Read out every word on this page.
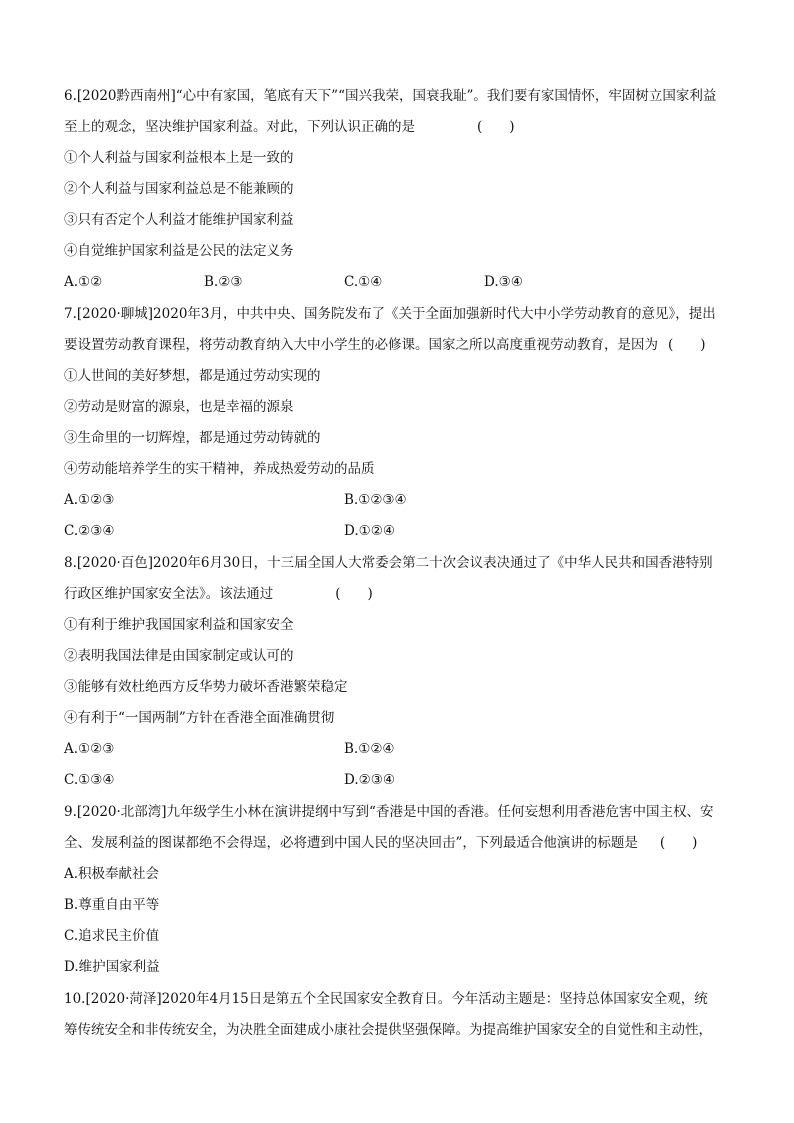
6.[2020黔西南州]“心中有家国，笔底有天下”“国兴我荣，国衰我耻”。我们要有家国情怀，牢固树立国家利益
至上的观念，坚决维护国家利益。对此，下列认识正确的是	(　　)
①个人利益与国家利益根本上是一致的
②个人利益与国家利益总是不能兼顾的
③只有否定个人利益才能维护国家利益
④自觉维护国家利益是公民的法定义务
A.①②	B.②③	C.①④	D.③④
7.[2020·聊城]2020年3月，中共中央、国务院发布了《关于全面加强新时代大中小学劳动教育的意见》，提出
要设置劳动教育课程，将劳动教育纳入大中小学生的必修课。国家之所以高度重视劳动教育，是因为 (　　)
①人世间的美好梦想，都是通过劳动实现的
②劳动是财富的源泉，也是幸福的源泉
③生命里的一切辉煌，都是通过劳动铸就的
④劳动能培养学生的实干精神，养成热爱劳动的品质
A.①②③	B.①②③④
C.②③④	D.①②④
8.[2020·百色]2020年6月30日，十三届全国人大常委会第二十次会议表决通过了《中华人民共和国香港特别
行政区维护国家安全法》。该法通过	(　　)
①有利于维护我国国家利益和国家安全
②表明我国法律是由国家制定或认可的
③能够有效杜绝西方反华势力破坏香港繁荣稳定
④有利于“一国两制”方针在香港全面准确贯彻
A.①②③	B.①②④
C.①③④	D.②③④
9.[2020·北部湾]九年级学生小林在演讲提纲中写到“香港是中国的香港。任何妄想利用香港危害中国主权、安
全、发展利益的图谋都绝不会得逞，必将遭到中国人民的坚决回击”，下列最适合他演讲的标题是 (　　)
A.积极奉献社会
B.尊重自由平等
C.追求民主价值
D.维护国家利益
10.[2020·菏泽]2020年4月15日是第五个全民国家安全教育日。今年活动主题是：坚持总体国家安全观，统
筹传统安全和非传统安全，为决胜全面建成小康社会提供坚强保障。为提高维护国家安全的自觉性和主动性，
